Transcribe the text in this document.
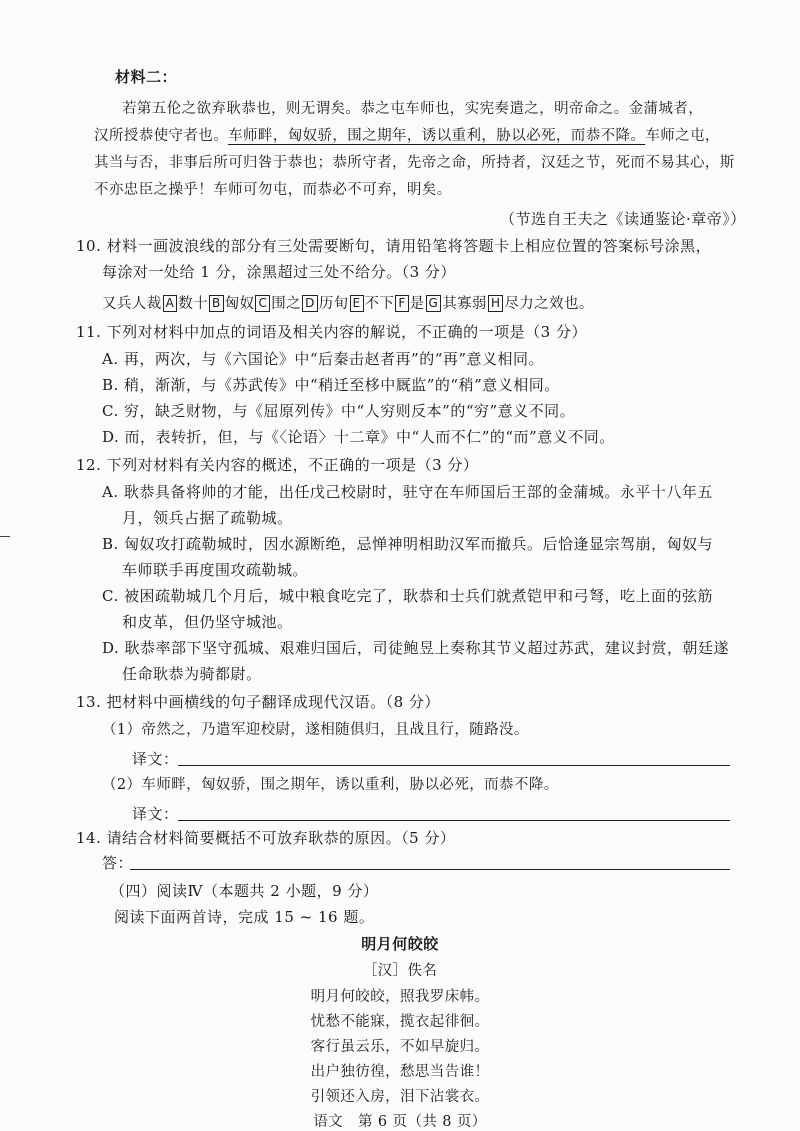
材料二：
若第五伦之欲弃耿恭也，则无谓矣。恭之屯车师也，实宪奏遣之，明帝命之。金蒲城者，
汉所授恭使守者也。车师畔，匈奴骄，围之期年，诱以重利，胁以必死，而恭不降。车师之屯，
其当与否，非事后所可归咎于恭也；恭所守者，先帝之命，所持者，汉廷之节，死而不易其心，斯
不亦忠臣之操乎！车师可勿屯，而恭必不可弃，明矣。
（节选自王夫之《读通鉴论·章帝》）
10. 材料一画波浪线的部分有三处需要断句，请用铅笔将答题卡上相应位置的答案标号涂黑，
每涂对一处给 1 分，涂黑超过三处不给分。（3 分）
又兵人裁 A 数十 B 匈奴 C 围之 D 历旬 E 不下 F 是 G 其寡弱 H 尽力之效也。
11. 下列对材料中加点的词语及相关内容的解说，不正确的一项是（3 分）
A. 再，两次，与《六国论》中“后秦击赵者再”的“再”意义相同。
B. 稍，渐渐，与《苏武传》中“稍迁至栘中厩监”的“稍”意义相同。
C. 穷，缺乏财物，与《屈原列传》中“人穷则反本”的“穷”意义不同。
D. 而，表转折，但，与《〈论语〉十二章》中“人而不仁”的“而”意义不同。
12. 下列对材料有关内容的概述，不正确的一项是（3 分）
A. 耿恭具备将帅的才能，出任戊己校尉时，驻守在车师国后王部的金蒲城。永平十八年五
月，领兵占据了疏勒城。
B. 匈奴攻打疏勒城时，因水源断绝，忌惮神明相助汉军而撤兵。后恰逢显宗驾崩，匈奴与
车师联手再度围攻疏勒城。
C. 被困疏勒城几个月后，城中粮食吃完了，耿恭和士兵们就煮铠甲和弓弩，吃上面的弦筋
和皮革，但仍坚守城池。
D. 耿恭率部下坚守孤城、艰难归国后，司徒鲍昱上奏称其节义超过苏武，建议封赏，朝廷遂
任命耿恭为骑都尉。
13. 把材料中画横线的句子翻译成现代汉语。（8 分）
（1）帝然之，乃遣军迎校尉，遂相随俱归，且战且行，随路没。
译文：
（2）车师畔，匈奴骄，围之期年，诱以重利，胁以必死，而恭不降。
译文：
14. 请结合材料简要概括不可放弃耿恭的原因。（5 分）
答：
（四）阅读Ⅳ（本题共 2 小题，9 分）
阅读下面两首诗，完成 15 ~ 16 题。
明月何皎皎
［汉］佚名
明月何皎皎，照我罗床帏。
忧愁不能寐，揽衣起徘徊。
客行虽云乐，不如早旋归。
出户独彷徨，愁思当告谁！
引领还入房，泪下沾裳衣。
语文　第 6 页（共 8 页）
